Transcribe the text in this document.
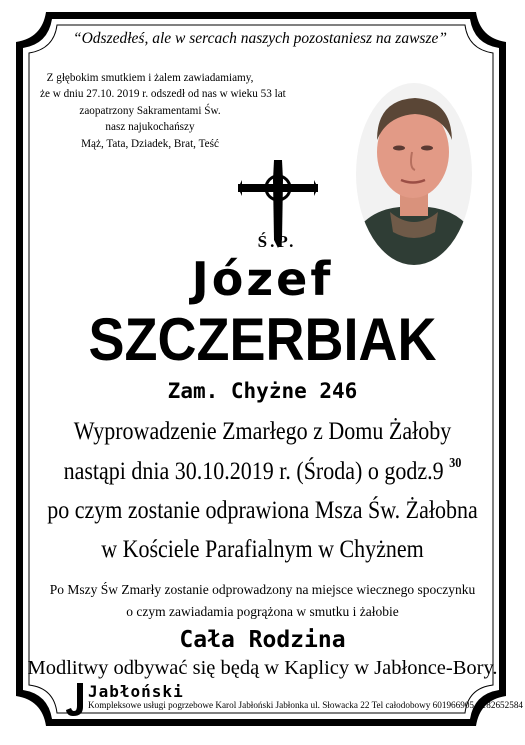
“Odszedłeś, ale w sercach naszych pozostaniesz na zawsze”
Z głębokim smutkiem i żalem zawiadamiamy,
że w dniu 27.10. 2019 r. odszedł od nas w wieku 53 lat
zaopatrzony Sakramentami Św.
nasz najukochańszy
Mąż, Tata, Dziadek, Brat, Teść
Ś.P.
Józef
SZCZERBIAK
Zam. Chyżne 246
Wyprowadzenie Zmarłego z Domu Żałoby
nastąpi dnia 30.10.2019 r. (Środa) o godz.9 $^{30}$
po czym zostanie odprawiona Msza Św. Żałobna
w Kościele Parafialnym w Chyżnem
Po Mszy Św Zmarły zostanie odprowadzony na miejsce wiecznego spoczynku
o czym zawiadamia pogrążona w smutku i żałobie
Cała Rodzina
Modlitwy odbywać się będą w Kaplicy w Jabłonce-Bory.
Jabłoński
Kompleksowe usługi pogrzebowe Karol Jabłoński Jabłonka ul. Słowacka 22 Tel całodobowy 601966905 - 182652584
